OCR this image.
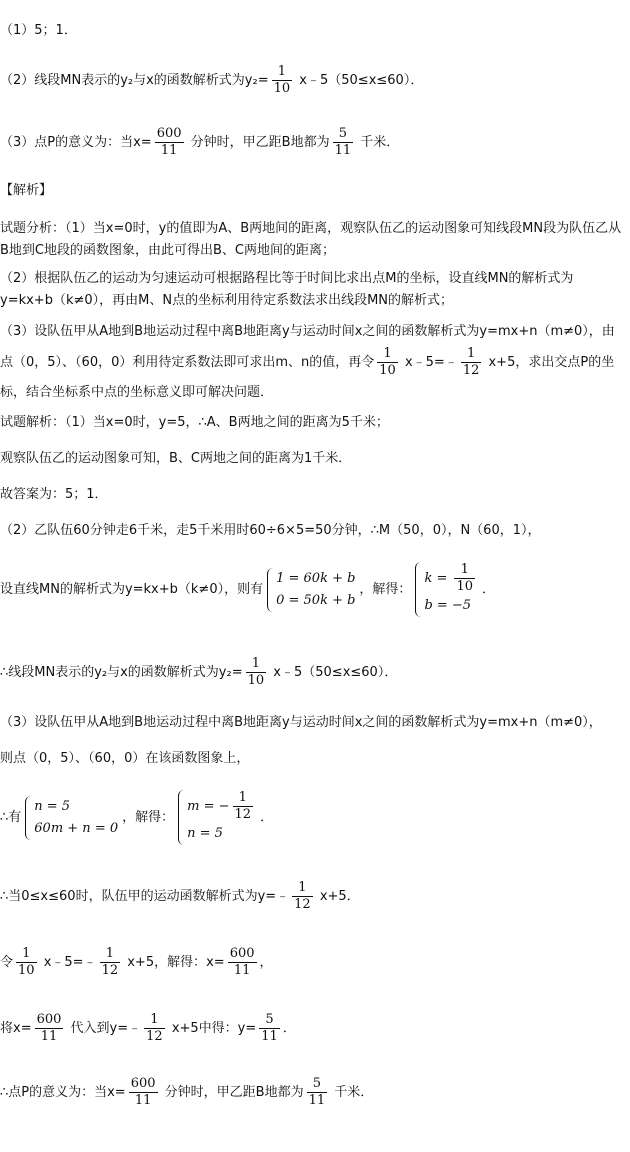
（1）5；1．
（2）线段MN表示的y₂与x的函数解析式为$y_2= \frac{1}{10}$ x﹣5（50≤x≤60）．
（3）点P的意义为：当$x= \frac{600}{11}$ 分钟时，甲乙距B地都为 $\frac{5}{11}$ 千米．
【解析】
试题分析：（1）当x=0时，y的值即为A、B两地间的距离，观察队伍乙的运动图象可知线段MN段为队伍乙从B地到C地段的函数图象，由此可得出B、C两地间的距离；
（2）根据队伍乙的运动为匀速运动可根据路程比等于时间比求出点M的坐标，设直线MN的解析式为y=kx+b（k≠0），再由M、N点的坐标利用待定系数法求出线段MN的解析式；
（3）设队伍甲从A地到B地运动过程中离B地距离y与运动时间x之间的函数解析式为y=mx+n（m≠0），由点（0，5）、（60，0）利用待定系数法即可求出m、n的值，再令 $\frac{1}{10}$ x﹣5=﹣ $\frac{1}{12} x+5$，求出交点P的坐标，结合坐标系中点的坐标意义即可解决问题．
试题解析：（1）当x=0时，y=5，∴A、B两地之间的距离为5千米；
观察队伍乙的运动图象可知，B、C两地之间的距离为1千米．
故答案为：5；1．
（2）乙队伍60分钟走6千米，走5千米用时60÷6×5=50分钟，∴M（50，0），N（60，1），
设直线MN的解析式为y=kx+b（k≠0），则有
1 = 60k + b
0 = 50k + b
，解得：
$k = \frac{1}{10}$
b = −5
．
∴线段MN表示的y₂与x的函数解析式为$y_2= \frac{1}{10}$ x﹣5（50≤x≤60）．
（3）设队伍甲从A地到B地运动过程中离B地距离y与运动时间x之间的函数解析式为y=mx+n（m≠0），
则点（0，5）、（60，0）在该函数图象上，
∴有
n = 5
60m + n = 0
，解得：
m = − $\frac{1}{12}$
n = 5
．
∴当0≤x≤60时，队伍甲的运动函数解析式为y=﹣ $\frac{1}{12} x+5$．
令 $\frac{1}{10}$ x﹣5=﹣ $\frac{1}{12} x+5$，解得：$x= \frac{600}{11}$ ，
将$x= \frac{600}{11}$ 代入到y=﹣ $\frac{1}{12} x+5$中得：$y= \frac{5}{11}$ ．
∴点P的意义为：当$x= \frac{600}{11}$ 分钟时，甲乙距B地都为 $\frac{5}{11}$ 千米．
